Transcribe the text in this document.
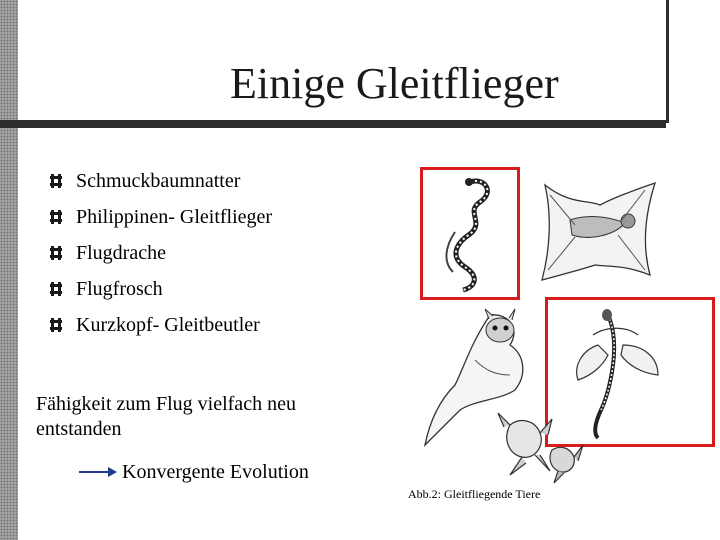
Einige Gleitflieger
Schmuckbaumnatter
Philippinen- Gleitflieger
Flugdrache
Flugfrosch
Kurzkopf- Gleitbeutler
Fähigkeit zum Flug vielfach neu entstanden
Konvergente Evolution
Abb.2: Gleitfliegende Tiere
